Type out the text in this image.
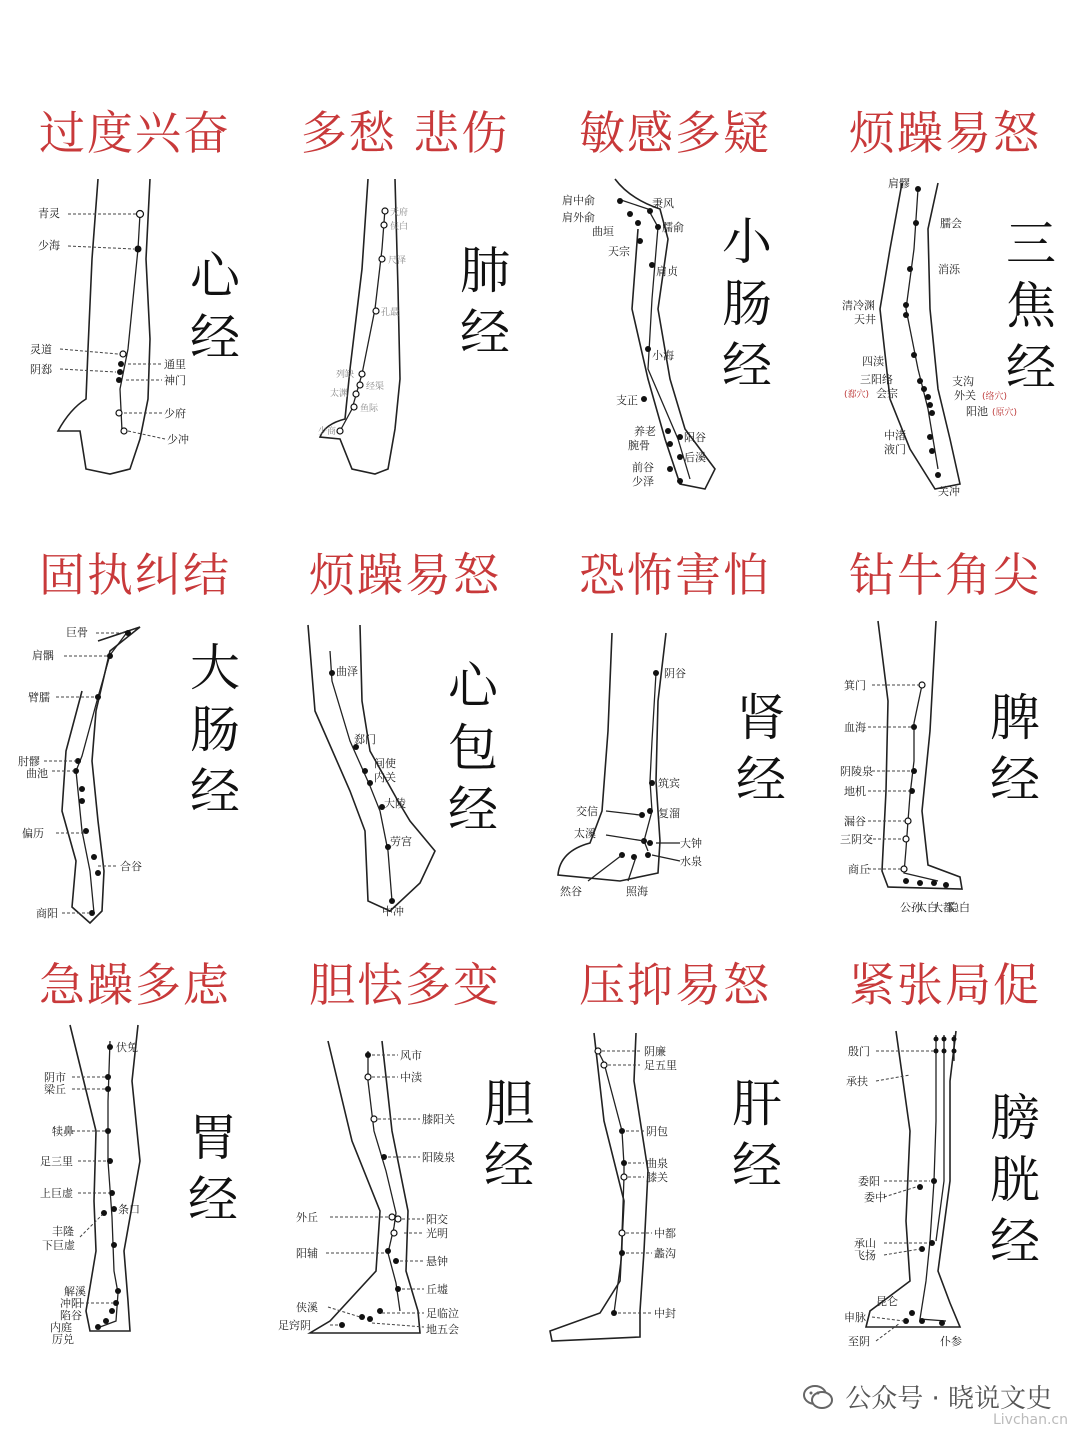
过度兴奋
青灵
少海
灵道
阴郄	通里
神门
少府
少冲
心
经
多愁 悲伤
天府
侠白
尺泽
孔最
列缺
经渠
太渊
鱼际
少商
肺
经
敏感多疑
肩中俞
肩外俞
曲垣
秉风
臑俞
天宗
肩贞
小海
支正
养老
腕骨
阳谷
后溪
前谷
少泽
小
肠
经
烦躁易怒
肩髎
臑会
消泺
清冷渊
天井
四渎
三阳络
(郄穴) 会宗
支沟
外关 (络穴)
阳池 (原穴)
中渚
液门
关冲
三
焦
经
固执纠结
巨骨
肩髃
臂臑
肘髎
曲池
偏历
合谷
商阳
大
肠
经
烦躁易怒
曲泽
郄门
间使
内关
大陵
劳宫
中冲
心
包
经
恐怖害怕
阴谷
筑宾
交信	复溜
太溪
大钟
水泉
然谷	照海
肾
经
钻牛角尖
箕门
血海
阴陵泉
地机
漏谷
三阴交
商丘
公孙
太白
大都
隐白
脾
经
急躁多虑
伏兔
阴市
梁丘
犊鼻
足三里
上巨虚
条口
丰隆
下巨虚
解溪
冲阳
陷谷
内庭
厉兑
胃
经
胆怯多变
风市
中渎
膝阳关
阳陵泉
外丘	阳交
光明
阳辅
悬钟
丘墟
侠溪	足临泣
足窍阴	地五会
胆
经
压抑易怒
阴廉
足五里
阴包
曲泉
膝关
中都
蠡沟
中封
肝
经
紧张局促
殷门
承扶
委阳
委中
承山
飞扬
昆仑
申脉
至阴	仆参
膀
胱
经
公众号 · 晓说文史
Livchan.cn
